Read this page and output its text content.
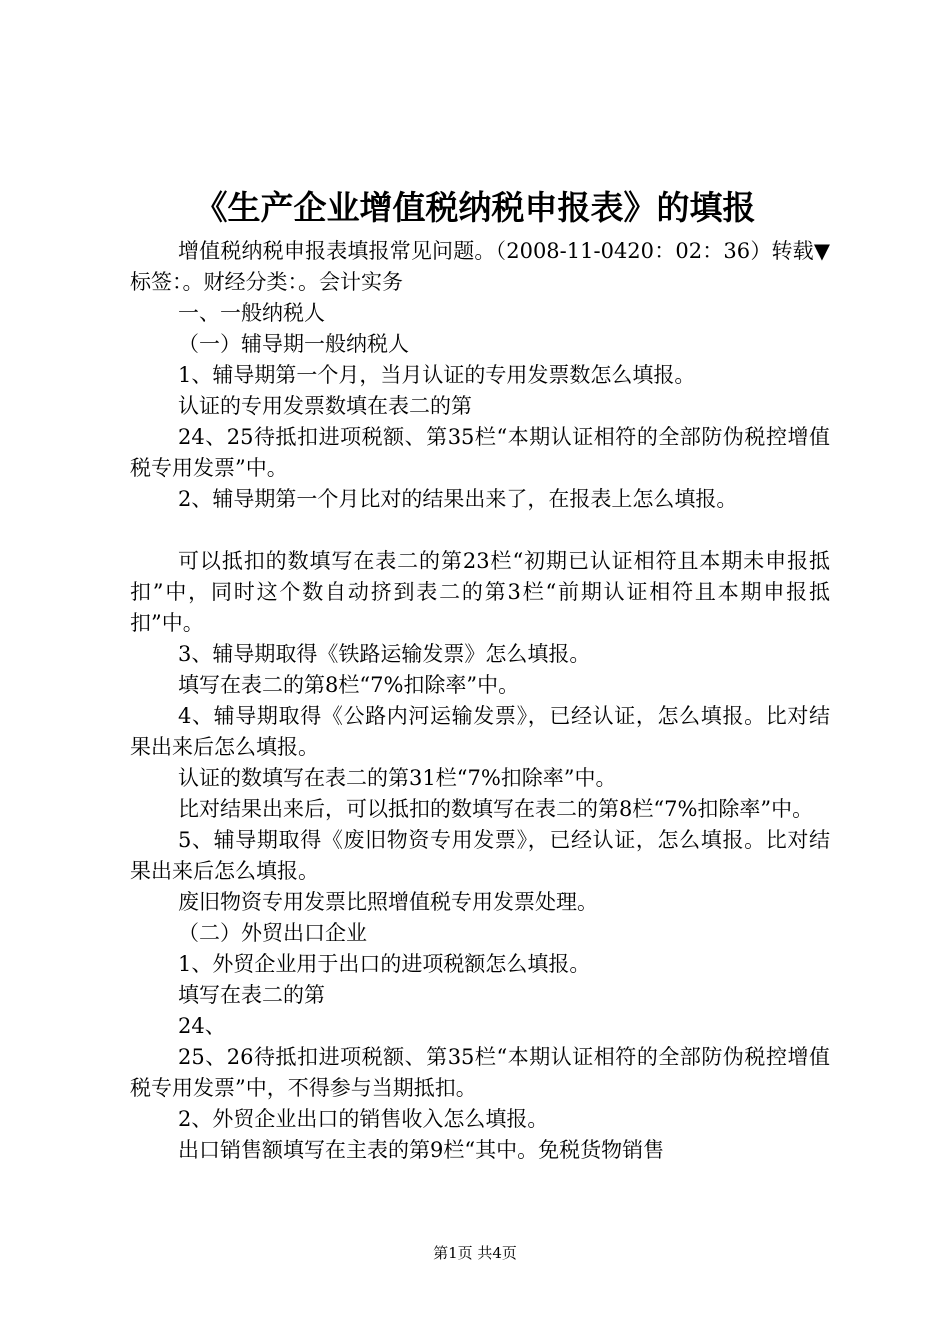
《生产企业增值税纳税申报表》的填报

增值税纳税申报表填报常见问题。（2008-11-0420：02：36）转载▼标签：。财经分类：。会计实务

一、一般纳税人

（一）辅导期一般纳税人

1、辅导期第一个月，当月认证的专用发票数怎么填报。

认证的专用发票数填在表二的第

24、25待抵扣进项税额、第35栏“本期认证相符的全部防伪税控增值税专用发票”中。

2、辅导期第一个月比对的结果出来了，在报表上怎么填报。

可以抵扣的数填写在表二的第23栏“初期已认证相符且本期未申报抵扣”中，同时这个数自动挤到表二的第3栏“前期认证相符且本期申报抵扣”中。

3、辅导期取得《铁路运输发票》怎么填报。

填写在表二的第8栏“7%扣除率”中。

4、辅导期取得《公路内河运输发票》，已经认证，怎么填报。比对结果出来后怎么填报。

认证的数填写在表二的第31栏“7%扣除率”中。

比对结果出来后，可以抵扣的数填写在表二的第8栏“7%扣除率”中。

5、辅导期取得《废旧物资专用发票》，已经认证，怎么填报。比对结果出来后怎么填报。

废旧物资专用发票比照增值税专用发票处理。

（二）外贸出口企业

1、外贸企业用于出口的进项税额怎么填报。

填写在表二的第

24、

25、26待抵扣进项税额、第35栏“本期认证相符的全部防伪税控增值税专用发票”中，不得参与当期抵扣。

2、外贸企业出口的销售收入怎么填报。

出口销售额填写在主表的第9栏“其中。免税货物销售

第1页 共4页
